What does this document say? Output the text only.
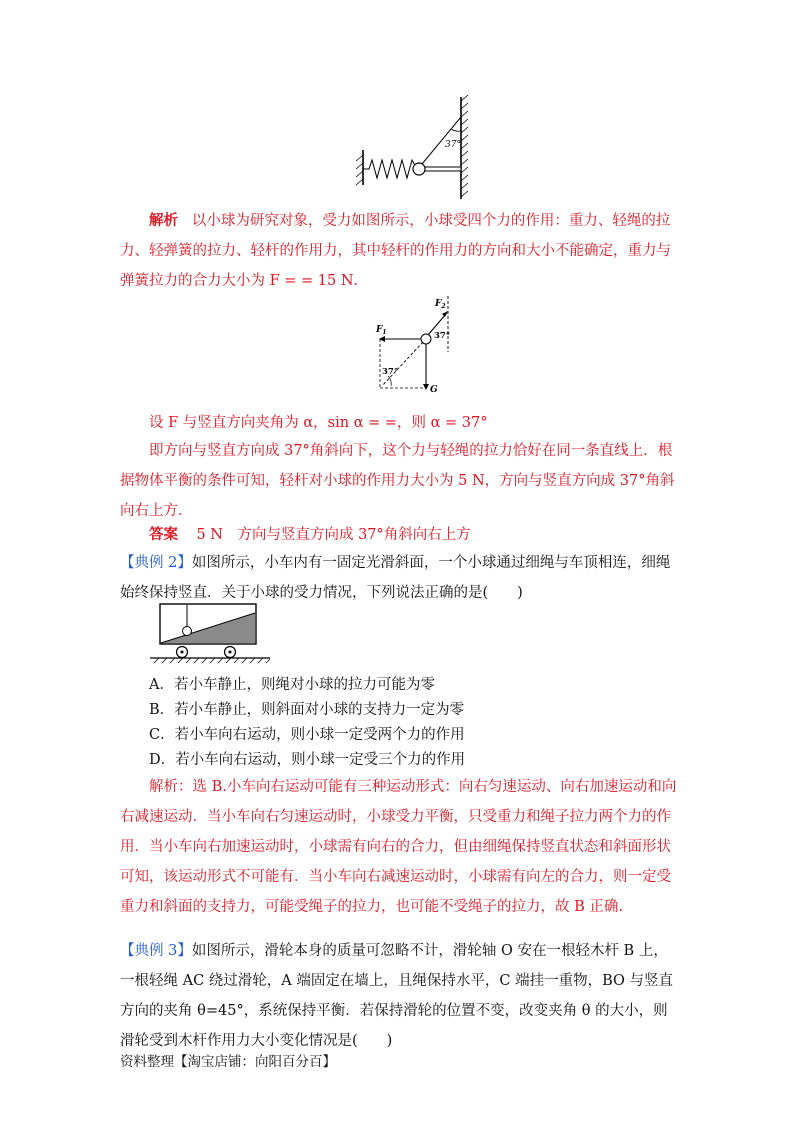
37°

解析 以小球为研究对象，受力如图所示，小球受四个力的作用：重力、轻绳的拉力、轻弹簧的拉力、轻杆的作用力，其中轻杆的作用力的方向和大小不能确定，重力与弹簧拉力的合力大小为 F = = 15 N．

$F_2$
$F_1$
G
37°
37°

设 F 与竖直方向夹角为 α，sin α = =，则 α = 37°

即方向与竖直方向成 37°角斜向下，这个力与轻绳的拉力恰好在同一条直线上．根据物体平衡的条件可知，轻杆对小球的作用力大小为 5 N，方向与竖直方向成 37°角斜向右上方．

答案 5 N　方向与竖直方向成 37°角斜向右上方

【典例 2】如图所示，小车内有一固定光滑斜面，一个小球通过细绳与车顶相连，细绳始终保持竖直．关于小球的受力情况，下列说法正确的是(　　)

A．若小车静止，则绳对小球的拉力可能为零

B．若小车静止，则斜面对小球的支持力一定为零

C．若小车向右运动，则小球一定受两个力的作用

D．若小车向右运动，则小球一定受三个力的作用

解析：选 B.小车向右运动可能有三种运动形式：向右匀速运动、向右加速运动和向右减速运动．当小车向右匀速运动时，小球受力平衡，只受重力和绳子拉力两个力的作用．当小车向右加速运动时，小球需有向右的合力，但由细绳保持竖直状态和斜面形状可知，该运动形式不可能有．当小车向右减速运动时，小球需有向左的合力，则一定受重力和斜面的支持力，可能受绳子的拉力，也可能不受绳子的拉力，故 B 正确.

【典例 3】如图所示，滑轮本身的质量可忽略不计，滑轮轴 O 安在一根轻木杆 B 上，一根轻绳 AC 绕过滑轮，A 端固定在墙上，且绳保持水平，C 端挂一重物，BO 与竖直方向的夹角 θ=45°，系统保持平衡．若保持滑轮的位置不变，改变夹角 θ 的大小，则滑轮受到木杆作用力大小变化情况是(　　)

资料整理【淘宝店铺：向阳百分百】
